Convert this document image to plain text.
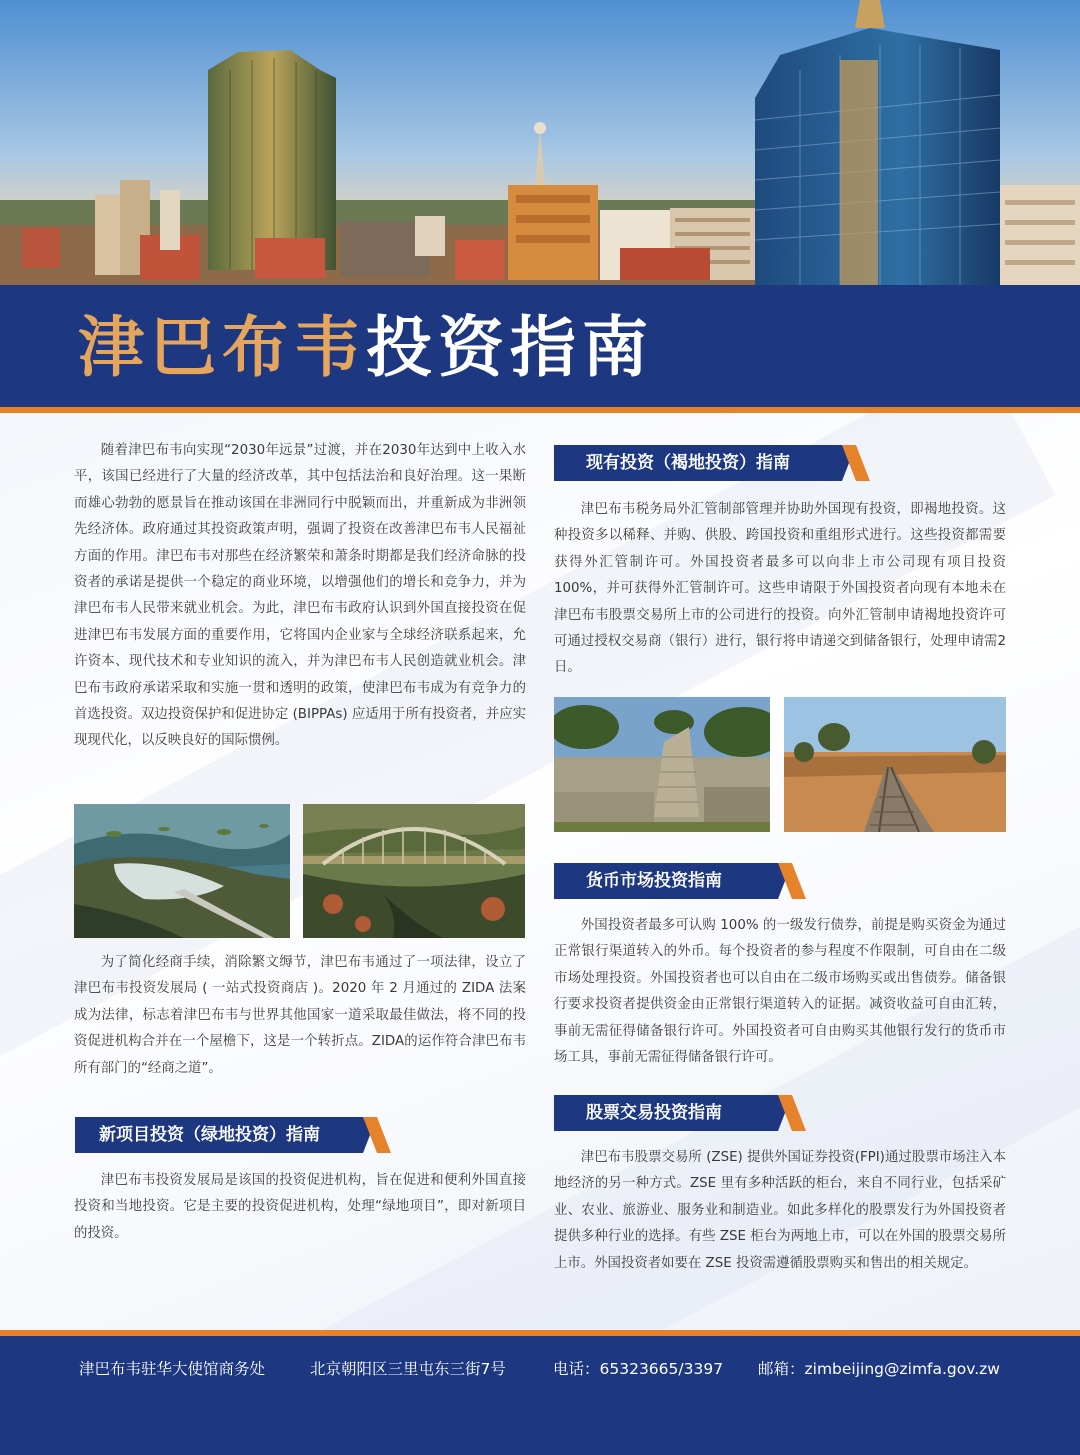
津巴布韦投资指南

随着津巴布韦向实现“2030年远景”过渡，并在2030年达到中上收入水平，该国已经进行了大量的经济改革，其中包括法治和良好治理。这一果断而雄心勃勃的愿景旨在推动该国在非洲同行中脱颖而出，并重新成为非洲领先经济体。政府通过其投资政策声明，强调了投资在改善津巴布韦人民福祉方面的作用。津巴布韦对那些在经济繁荣和萧条时期都是我们经济命脉的投资者的承诺是提供一个稳定的商业环境，以增强他们的增长和竞争力，并为津巴布韦人民带来就业机会。为此，津巴布韦政府认识到外国直接投资在促进津巴布韦发展方面的重要作用，它将国内企业家与全球经济联系起来，允许资本、现代技术和专业知识的流入，并为津巴布韦人民创造就业机会。津巴布韦政府承诺采取和实施一贯和透明的政策，使津巴布韦成为有竞争力的首选投资。双边投资保护和促进协定 (BIPPAs) 应适用于所有投资者，并应实现现代化，以反映良好的国际惯例。

为了简化经商手续，消除繁文缛节，津巴布韦通过了一项法律，设立了津巴布韦投资发展局 ( 一站式投资商店 )。2020 年 2 月通过的 ZIDA 法案成为法律，标志着津巴布韦与世界其他国家一道采取最佳做法，将不同的投资促进机构合并在一个屋檐下，这是一个转折点。ZIDA的运作符合津巴布韦所有部门的“经商之道”。

新项目投资（绿地投资）指南

津巴布韦投资发展局是该国的投资促进机构，旨在促进和便利外国直接投资和当地投资。它是主要的投资促进机构，处理“绿地项目”，即对新项目的投资。

现有投资（褐地投资）指南

津巴布韦税务局外汇管制部管理并协助外国现有投资，即褐地投资。这种投资多以稀释、并购、供股、跨国投资和重组形式进行。这些投资都需要获得外汇管制许可。外国投资者最多可以向非上市公司现有项目投资100%，并可获得外汇管制许可。这些申请限于外国投资者向现有本地未在津巴布韦股票交易所上市的公司进行的投资。向外汇管制申请褐地投资许可可通过授权交易商（银行）进行，银行将申请递交到储备银行，处理申请需2日。

货币市场投资指南

外国投资者最多可认购 100% 的一级发行债券，前提是购买资金为通过正常银行渠道转入的外币。每个投资者的参与程度不作限制，可自由在二级市场处理投资。外国投资者也可以自由在二级市场购买或出售债券。储备银行要求投资者提供资金由正常银行渠道转入的证据。减资收益可自由汇转，事前无需征得储备银行许可。外国投资者可自由购买其他银行发行的货币市场工具，事前无需征得储备银行许可。

股票交易投资指南

津巴布韦股票交易所 (ZSE) 提供外国证券投资(FPI)通过股票市场注入本地经济的另一种方式。ZSE 里有多种活跃的柜台，来自不同行业，包括采矿业、农业、旅游业、服务业和制造业。如此多样化的股票发行为外国投资者提供多种行业的选择。有些 ZSE 柜台为两地上市，可以在外国的股票交易所上市。外国投资者如要在 ZSE 投资需遵循股票购买和售出的相关规定。

津巴布韦驻华大使馆商务处	北京朝阳区三里屯东三街7号	电话：65323665/3397 邮箱：zimbeijing@zimfa.gov.zw
